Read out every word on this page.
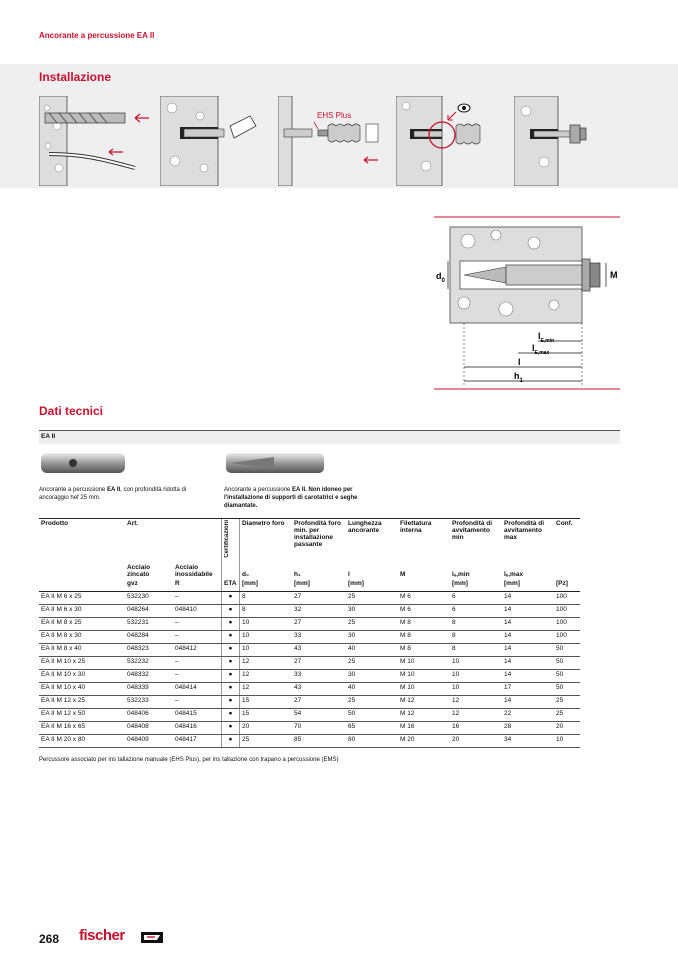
Ancorante a percussione EA II
Installazione
EHS Plus
$d_0$
M
$l_{E,min}$
$l_{E,max}$
l
$h_1$
Dati tecnici
EA II
Ancorante a percussione EA II, con profondità ridotta di ancoraggio hef 25 mm.
Ancorante a percussione EA II. Non idoneo per l'installazione di supporti di carotatrici e seghe diamantate.
Prodotto	Art.		Certificazioni	Diametro foro	Profondità foro min. per installazione passante	Lunghezza ancorante	Filettatura interna	Profondità di avvitamento min	Profondità di avvitamento max	Conf.
	Acciaio zincato	Acciaio inossidabile		d₀	h₁	l	M	lₑ,min	lₑ,max	
	gvz	R	ETA	[mm]	[mm]	[mm]		[mm]	[mm]	[Pz]
EA II M 6 x 25	532230	–	●	8	27	25	M 6	6	14	100
EA II M 6 x 30	048264	048410	●	8	32	30	M 6	6	14	100
EA II M 8 x 25	532231	–	●	10	27	25	M 8	8	14	100
EA II M 8 x 30	048284	–	●	10	33	30	M 8	8	14	100
EA II M 8 x 40	048323	048412	●	10	43	40	M 8	8	14	50
EA II M 10 x 25	532232	–	●	12	27	25	M 10	10	14	50
EA II M 10 x 30	048332	–	●	12	33	30	M 10	10	14	50
EA II M 10 x 40	048339	048414	●	12	43	40	M 10	10	17	50
EA II M 12 x 25	532233	–	●	15	27	25	M 12	12	14	25
EA II M 12 x 50	048406	048415	●	15	54	50	M 12	12	22	25
EA II M 16 x 65	048408	048416	●	20	70	65	M 16	16	28	20
EA II M 20 x 80	048409	048417	●	25	85	80	M 20	20	34	10
Percussore associato per ins tallazione manuale (EHS Plus), per ins tallazione con trapano a percussione (EMS)
268 fischer
